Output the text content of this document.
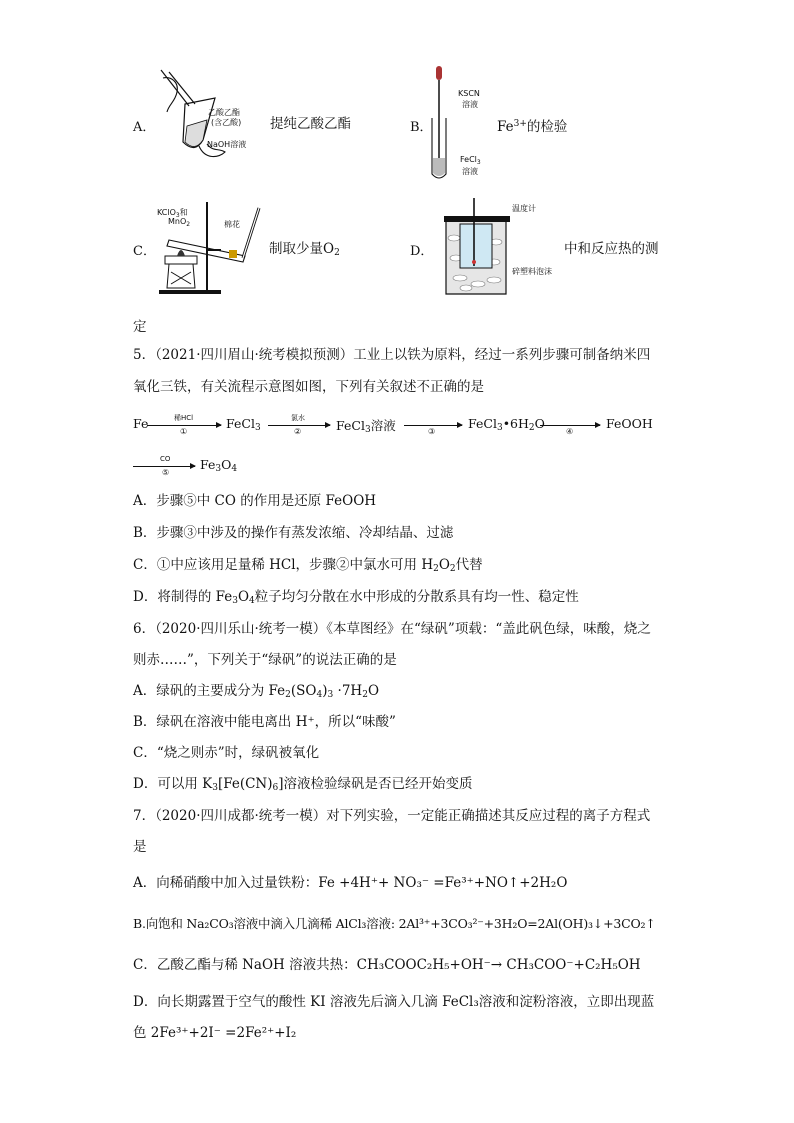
A．
乙酸乙酯
(含乙酸)
NaOH溶液
提纯乙酸乙酯	B．
KSCN
溶液
FeCl$_3$
溶液
$Fe^{3+}$的检验
C．
KClO$_3$和
MnO$_2$	棉花
制取少量$O_2$	D．
温度计
碎塑料泡沫
中和反应热的测
定
5．（2021·四川眉山·统考模拟预测）工业上以铁为原料，经过一系列步骤可制备纳米四
氧化三铁，有关流程示意图如图，下列有关叙述不正确的是
Fe	稀HCl
①
FeCl$_3$
氯水
②	FeCl$_3$溶液	③
$FeCl_3•6H_2O$
④
FeOOH
CO
⑤
$Fe_3O_4$
A．步骤⑤中 CO 的作用是还原 FeOOH
B．步骤③中涉及的操作有蒸发浓缩、冷却结晶、过滤
C．①中应该用足量稀 HCl，步骤②中氯水可用 $H_2O_2$代替
D．将制得的 $Fe_3O_4$粒子均匀分散在水中形成的分散系具有均一性、稳定性
6．（2020·四川乐山·统考一模）《本草图经》在“绿矾”项载：“盖此矾色绿，味酸，烧之
则赤……”，下列关于“绿矾”的说法正确的是
A．绿矾的主要成分为 $Fe_2(SO_4)_3 \cdot 7H_2O$
B．绿矾在溶液中能电离出 H⁺，所以“味酸”
C．“烧之则赤”时，绿矾被氧化
D．可以用 $K_3[Fe(CN)_6]$溶液检验绿矾是否已经开始变质
7．（2020·四川成都·统考一模）对下列实验，一定能正确描述其反应过程的离子方程式
是
A．向稀硝酸中加入过量铁粉：Fe +4H⁺+ NO₃⁻ =Fe³⁺+NO↑+2H₂O
B.向饱和 Na₂CO₃溶液中滴入几滴稀 AlCl₃溶液: 2Al³⁺+3CO₃²⁻+3H₂O=2Al(OH)₃↓+3CO₂↑
C．乙酸乙酯与稀 NaOH 溶液共热：CH₃COOC₂H₅+OH⁻→ CH₃COO⁻+C₂H₅OH
D．向长期露置于空气的酸性 KI 溶液先后滴入几滴 FeCl₃溶液和淀粉溶液，立即出现蓝
色 2Fe³⁺+2I⁻ =2Fe²⁺+I₂
